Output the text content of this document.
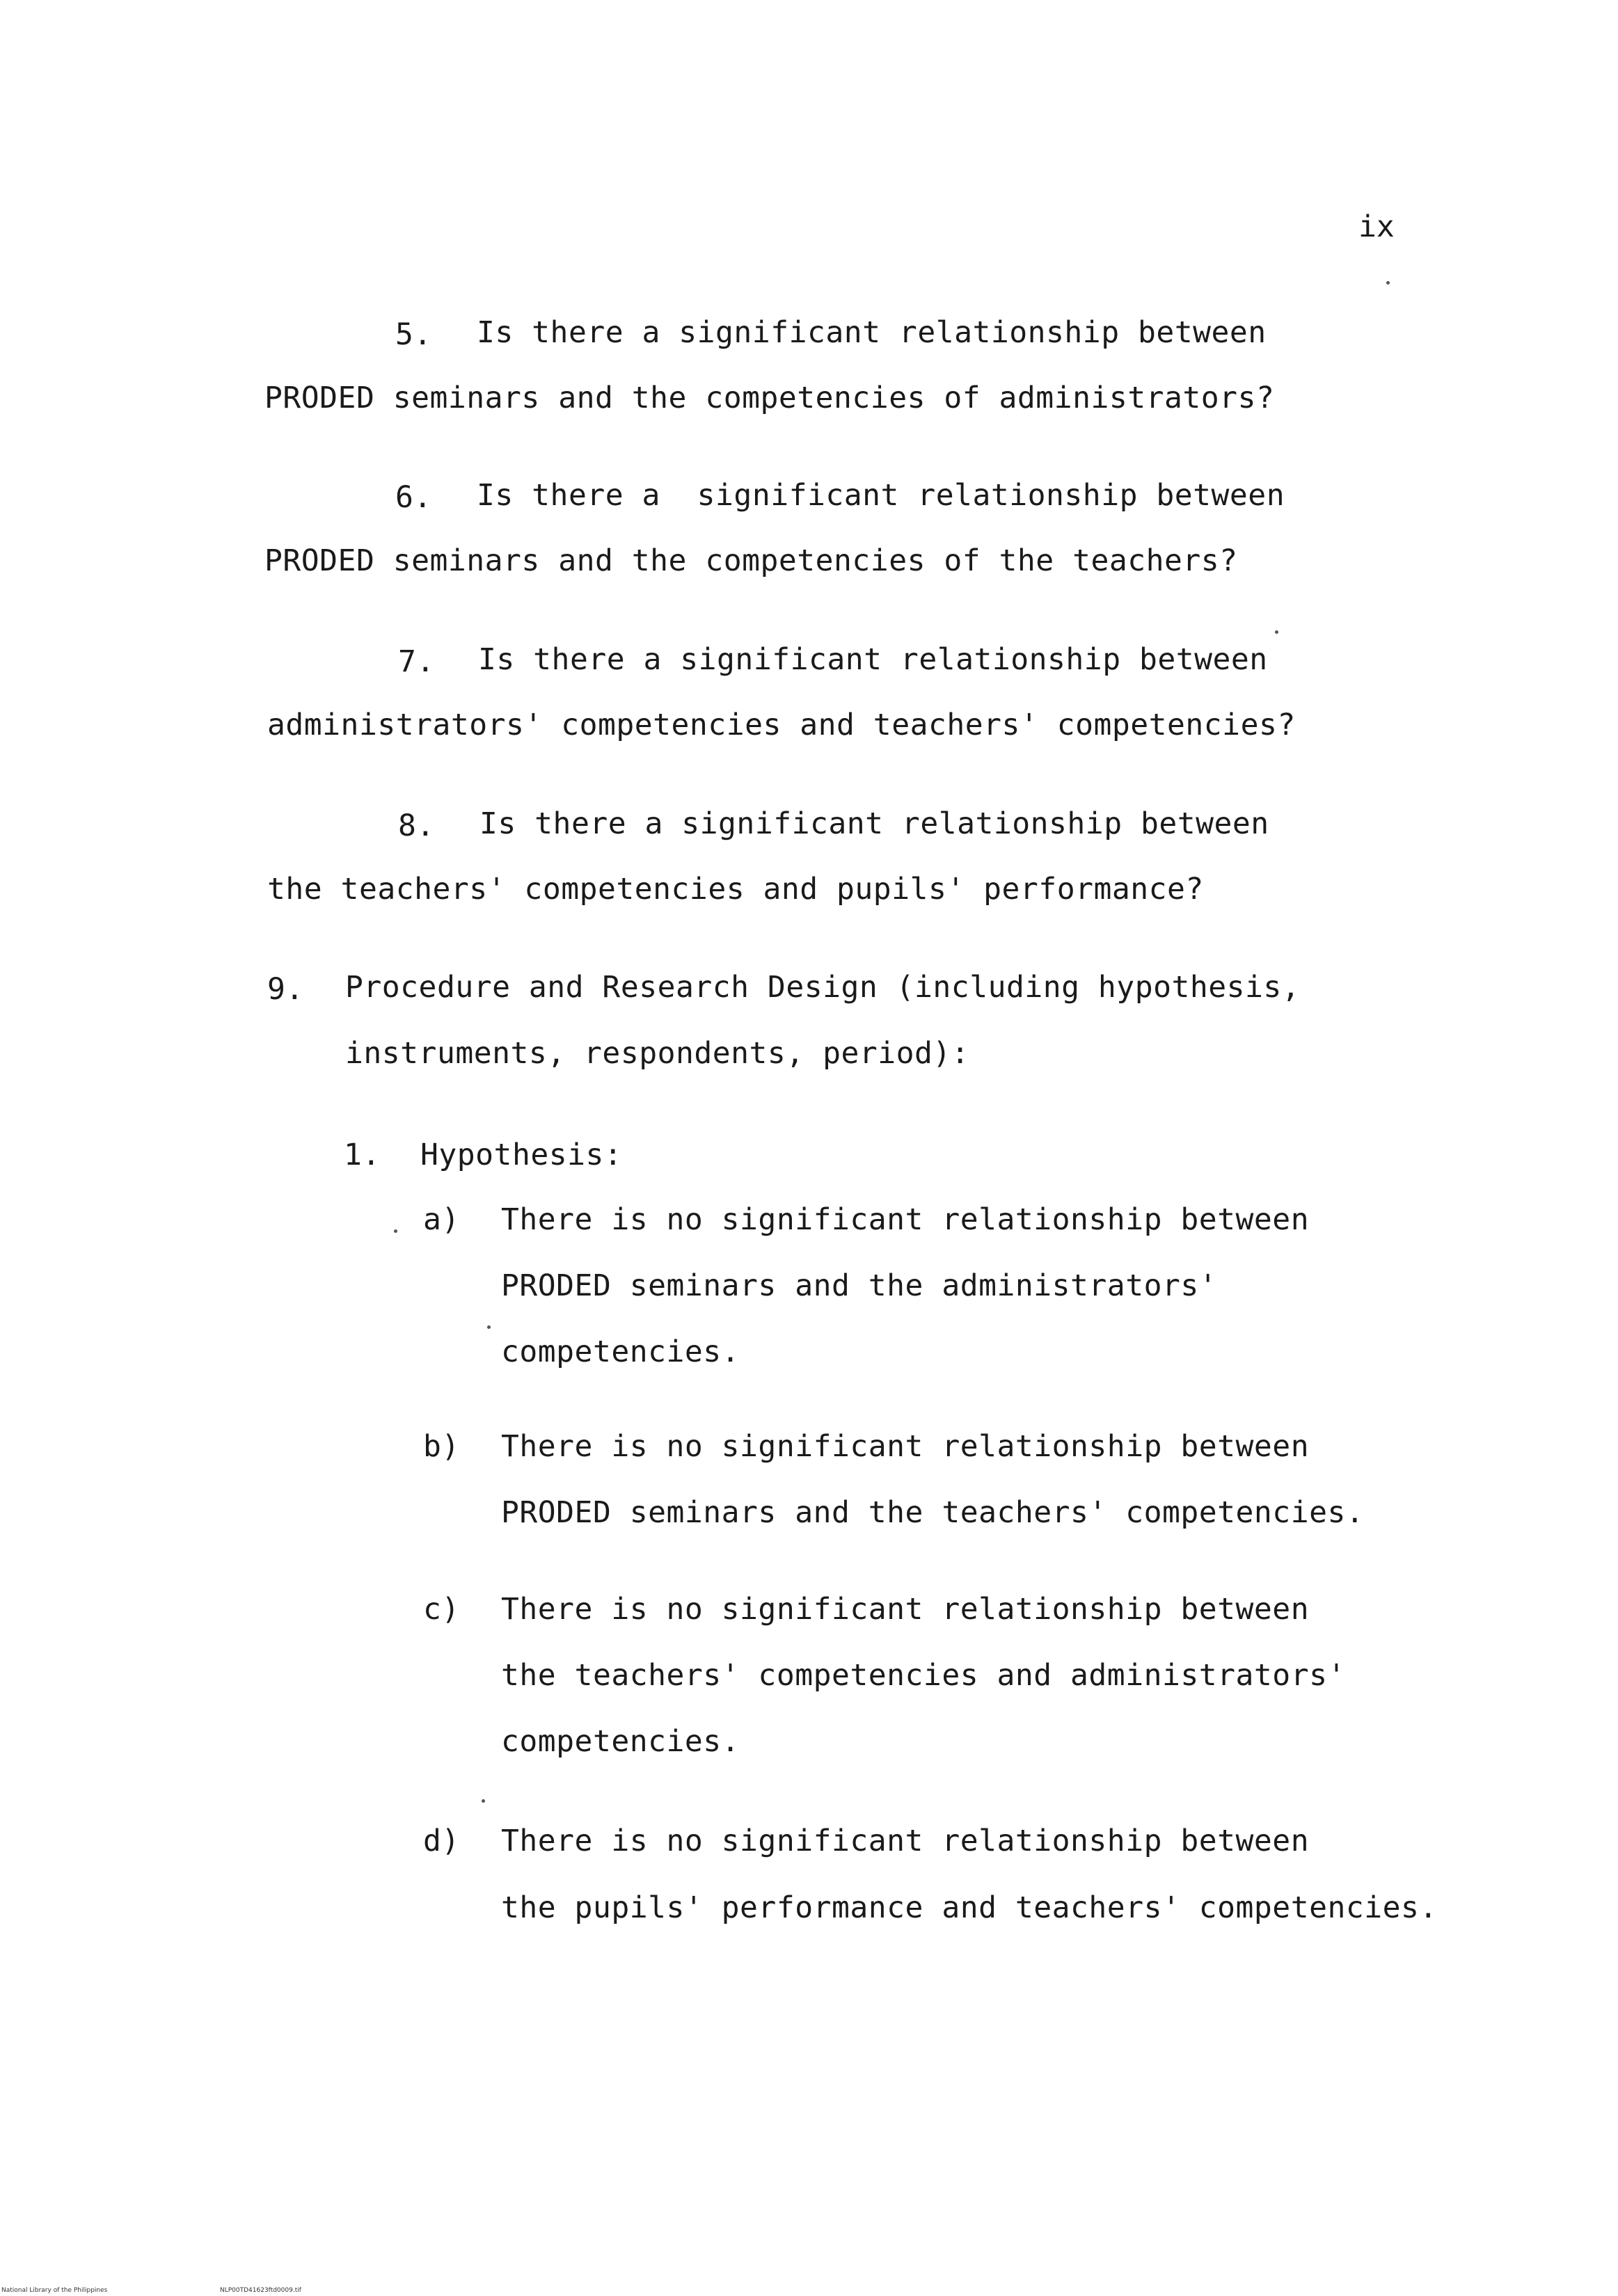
ix
5. Is there a significant relationship between
PRODED seminars and the competencies of administrators?
6. Is there a  significant relationship between
PRODED seminars and the competencies of the teachers?
7. Is there a significant relationship between
administrators' competencies and teachers' competencies?
8. Is there a significant relationship between
the teachers' competencies and pupils' performance?
9. Procedure and Research Design (including hypothesis,
instruments, respondents, period):
1. Hypothesis:
a) There is no significant relationship between
PRODED seminars and the administrators'
competencies.
b) There is no significant relationship between
PRODED seminars and the teachers' competencies.
c) There is no significant relationship between
the teachers' competencies and administrators'
competencies.
d) There is no significant relationship between
the pupils' performance and teachers' competencies.
National Library of the Philippines	NLP00TD41623ftd0009.tif
